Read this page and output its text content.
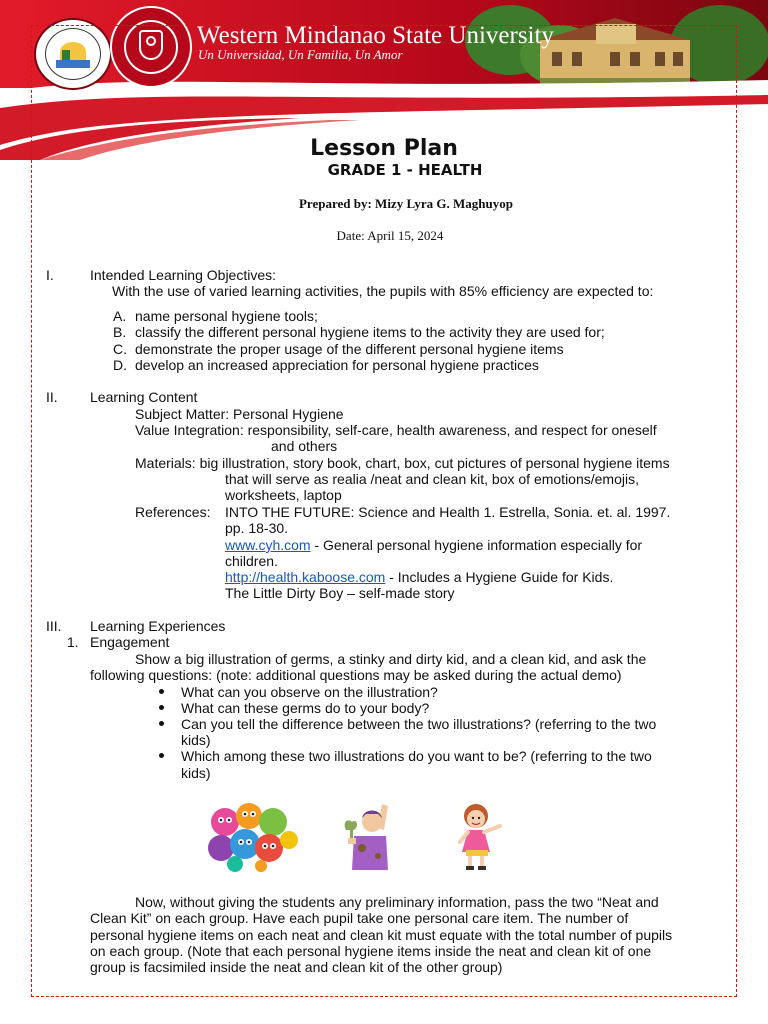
Western Mindanao State University
Un Universidad, Un Familia, Un Amor
Lesson Plan
GRADE 1 - HEALTH
Prepared by: Mizy Lyra G. Maghuyop
Date: April 15, 2024
I.	Intended Learning Objectives:
With the use of varied learning activities, the pupils with 85% efficiency are expected to:
A. name personal hygiene tools;
B. classify the different personal hygiene items to the activity they are used for;
C. demonstrate the proper usage of the different personal hygiene items
D. develop an increased appreciation for personal hygiene practices
II. Learning Content
Subject Matter: Personal Hygiene
Value Integration: responsibility, self-care, health awareness, and respect for oneself
and others
Materials: big illustration, story book, chart, box, cut pictures of personal hygiene items
that will serve as realia /neat and clean kit, box of emotions/emojis,
worksheets, laptop
References: INTO THE FUTURE: Science and Health 1. Estrella, Sonia. et. al. 1997.
pp. 18-30.
www.cyh.com - General personal hygiene information especially for
children.
http://health.kaboose.com - Includes a Hygiene Guide for Kids.
The Little Dirty Boy – self-made story
III. Learning Experiences
1. Engagement
Show a big illustration of germs, a stinky and dirty kid, and a clean kid, and ask the
following questions: (note: additional questions may be asked during the actual demo)
What can you observe on the illustration?
What can these germs do to your body?
Can you tell the difference between the two illustrations? (referring to the two
kids)
Which among these two illustrations do you want to be? (referring to the two
kids)
Now, without giving the students any preliminary information, pass the two “Neat and
Clean Kit” on each group. Have each pupil take one personal care item. The number of
personal hygiene items on each neat and clean kit must equate with the total number of pupils
on each group. (Note that each personal hygiene items inside the neat and clean kit of one
group is facsimiled inside the neat and clean kit of the other group)
